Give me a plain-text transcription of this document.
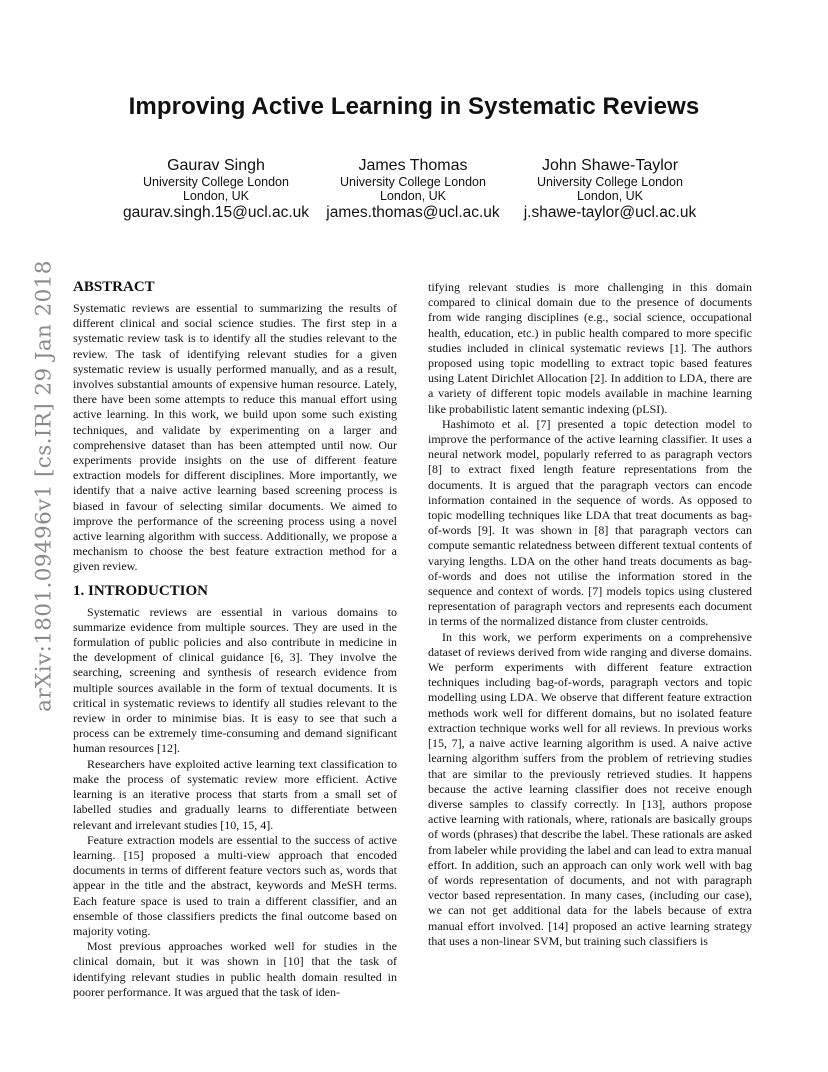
arXiv:1801.09496v1 [cs.IR] 29 Jan 2018
Improving Active Learning in Systematic Reviews
Gaurav Singh
University College London
London, UK
gaurav.singh.15@ucl.ac.uk
James Thomas
University College London
London, UK
james.thomas@ucl.ac.uk
John Shawe-Taylor
University College London
London, UK
j.shawe-taylor@ucl.ac.uk
ABSTRACT

Systematic reviews are essential to summarizing the results of different clinical and social science studies. The first step in a systematic review task is to identify all the studies relevant to the review. The task of identifying relevant studies for a given systematic review is usually performed manually, and as a result, involves substantial amounts of expensive human resource. Lately, there have been some attempts to reduce this manual effort using active learning. In this work, we build upon some such existing techniques, and validate by experimenting on a larger and comprehensive dataset than has been attempted until now. Our experiments provide insights on the use of different feature extraction models for different disciplines. More importantly, we identify that a naive active learning based screening process is biased in favour of selecting similar documents. We aimed to improve the performance of the screening process using a novel active learning algorithm with success. Additionally, we propose a mechanism to choose the best feature extraction method for a given review.

1. INTRODUCTION

Systematic reviews are essential in various domains to summarize evidence from multiple sources. They are used in the formulation of public policies and also contribute in medicine in the development of clinical guidance [6, 3]. They involve the searching, screening and synthesis of research evidence from multiple sources available in the form of textual documents. It is critical in systematic reviews to identify all studies relevant to the review in order to minimise bias. It is easy to see that such a process can be extremely time-consuming and demand significant human resources [12].

Researchers have exploited active learning text classification to make the process of systematic review more efficient. Active learning is an iterative process that starts from a small set of labelled studies and gradually learns to differentiate between relevant and irrelevant studies [10, 15, 4].

Feature extraction models are essential to the success of active learning. [15] proposed a multi-view approach that encoded documents in terms of different feature vectors such as, words that appear in the title and the abstract, keywords and MeSH terms. Each feature space is used to train a different classifier, and an ensemble of those classifiers predicts the final outcome based on majority voting.

Most previous approaches worked well for studies in the clinical domain, but it was shown in [10] that the task of identifying relevant studies in public health domain resulted in poorer performance. It was argued that the task of iden-

tifying relevant studies is more challenging in this domain compared to clinical domain due to the presence of documents from wide ranging disciplines (e.g., social science, occupational health, education, etc.) in public health compared to more specific studies included in clinical systematic reviews [1]. The authors proposed using topic modelling to extract topic based features using Latent Dirichlet Allocation [2]. In addition to LDA, there are a variety of different topic models available in machine learning like probabilistic latent semantic indexing (pLSI).

Hashimoto et al. [7] presented a topic detection model to improve the performance of the active learning classifier. It uses a neural network model, popularly referred to as paragraph vectors [8] to extract fixed length feature representations from the documents. It is argued that the paragraph vectors can encode information contained in the sequence of words. As opposed to topic modelling techniques like LDA that treat documents as bag-of-words [9]. It was shown in [8] that paragraph vectors can compute semantic relatedness between different textual contents of varying lengths. LDA on the other hand treats documents as bag-of-words and does not utilise the information stored in the sequence and context of words. [7] models topics using clustered representation of paragraph vectors and represents each document in terms of the normalized distance from cluster centroids.

In this work, we perform experiments on a comprehensive dataset of reviews derived from wide ranging and diverse domains. We perform experiments with different feature extraction techniques including bag-of-words, paragraph vectors and topic modelling using LDA. We observe that different feature extraction methods work well for different domains, but no isolated feature extraction technique works well for all reviews. In previous works [15, 7], a naive active learning algorithm is used. A naive active learning algorithm suffers from the problem of retrieving studies that are similar to the previously retrieved studies. It happens because the active learning classifier does not receive enough diverse samples to classify correctly. In [13], authors propose active learning with rationals, where, rationals are basically groups of words (phrases) that describe the label. These rationals are asked from labeler while providing the label and can lead to extra manual effort. In addition, such an approach can only work well with bag of words representation of documents, and not with paragraph vector based representation. In many cases, (including our case), we can not get additional data for the labels because of extra manual effort involved. [14] proposed an active learning strategy that uses a non-linear SVM, but training such classifiers is
